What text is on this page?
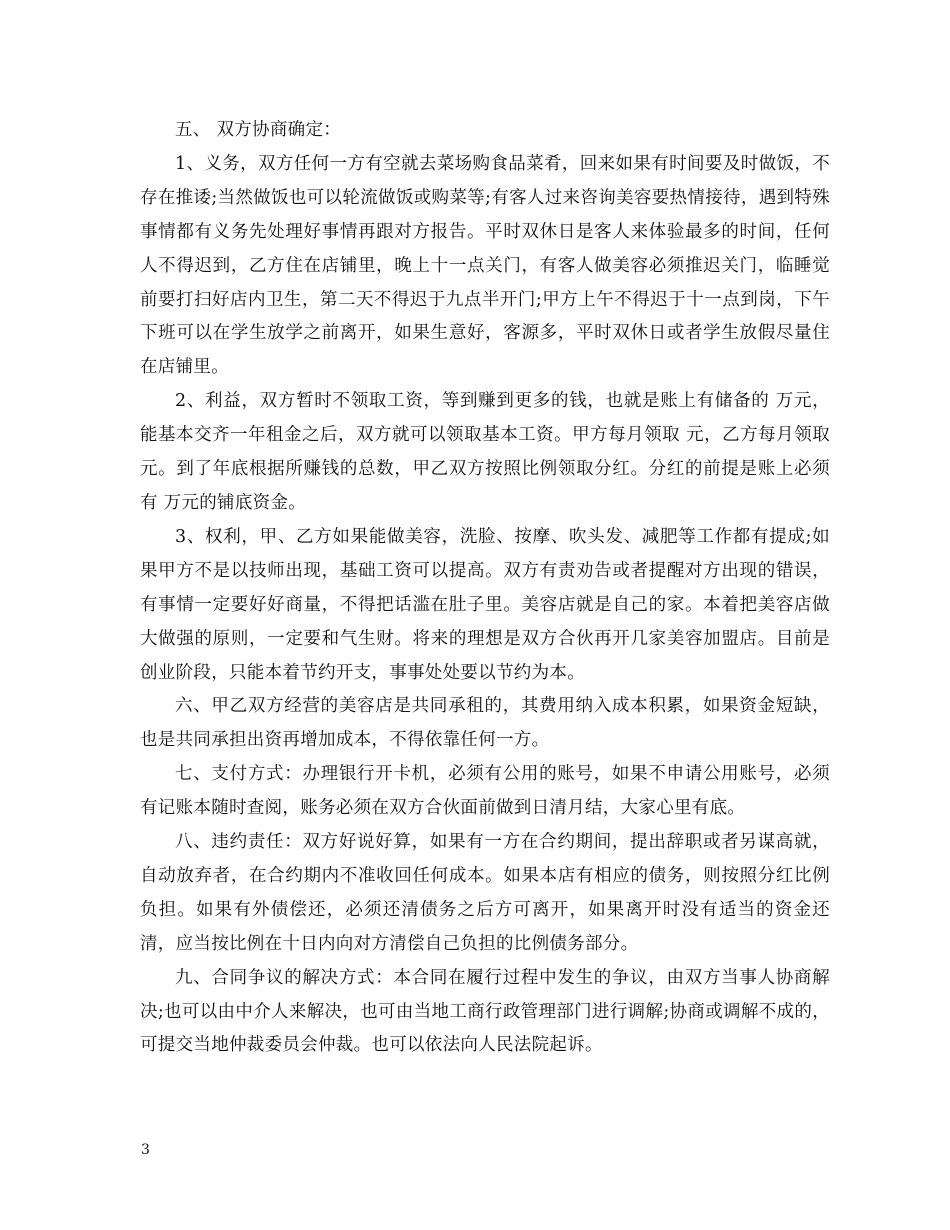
五、 双方协商确定：

1、义务，双方任何一方有空就去菜场购食品菜肴，回来如果有时间要及时做饭，不存在推诿;当然做饭也可以轮流做饭或购菜等;有客人过来咨询美容要热情接待，遇到特殊事情都有义务先处理好事情再跟对方报告。平时双休日是客人来体验最多的时间，任何人不得迟到，乙方住在店铺里，晚上十一点关门，有客人做美容必须推迟关门，临睡觉前要打扫好店内卫生，第二天不得迟于九点半开门;甲方上午不得迟于十一点到岗，下午下班可以在学生放学之前离开，如果生意好，客源多，平时双休日或者学生放假尽量住在店铺里。

2、利益，双方暂时不领取工资，等到赚到更多的钱，也就是账上有储备的 万元，能基本交齐一年租金之后，双方就可以领取基本工资。甲方每月领取 元，乙方每月领取元。到了年底根据所赚钱的总数，甲乙双方按照比例领取分红。分红的前提是账上必须有 万元的铺底资金。

3、权利，甲、乙方如果能做美容，洗脸、按摩、吹头发、减肥等工作都有提成;如果甲方不是以技师出现，基础工资可以提高。双方有责劝告或者提醒对方出现的错误，有事情一定要好好商量，不得把话滥在肚子里。美容店就是自己的家。本着把美容店做大做强的原则，一定要和气生财。将来的理想是双方合伙再开几家美容加盟店。目前是创业阶段，只能本着节约开支，事事处处要以节约为本。

六、甲乙双方经营的美容店是共同承租的，其费用纳入成本积累，如果资金短缺，也是共同承担出资再增加成本，不得依靠任何一方。

七、支付方式：办理银行开卡机，必须有公用的账号，如果不申请公用账号，必须有记账本随时查阅，账务必须在双方合伙面前做到日清月结，大家心里有底。

八、违约责任：双方好说好算，如果有一方在合约期间，提出辞职或者另谋高就，自动放弃者，在合约期内不准收回任何成本。如果本店有相应的债务，则按照分红比例负担。如果有外债偿还，必须还清债务之后方可离开，如果离开时没有适当的资金还清，应当按比例在十日内向对方清偿自己负担的比例债务部分。

九、合同争议的解决方式：本合同在履行过程中发生的争议，由双方当事人协商解决;也可以由中介人来解决，也可由当地工商行政管理部门进行调解;协商或调解不成的，可提交当地仲裁委员会仲裁。也可以依法向人民法院起诉。

3
